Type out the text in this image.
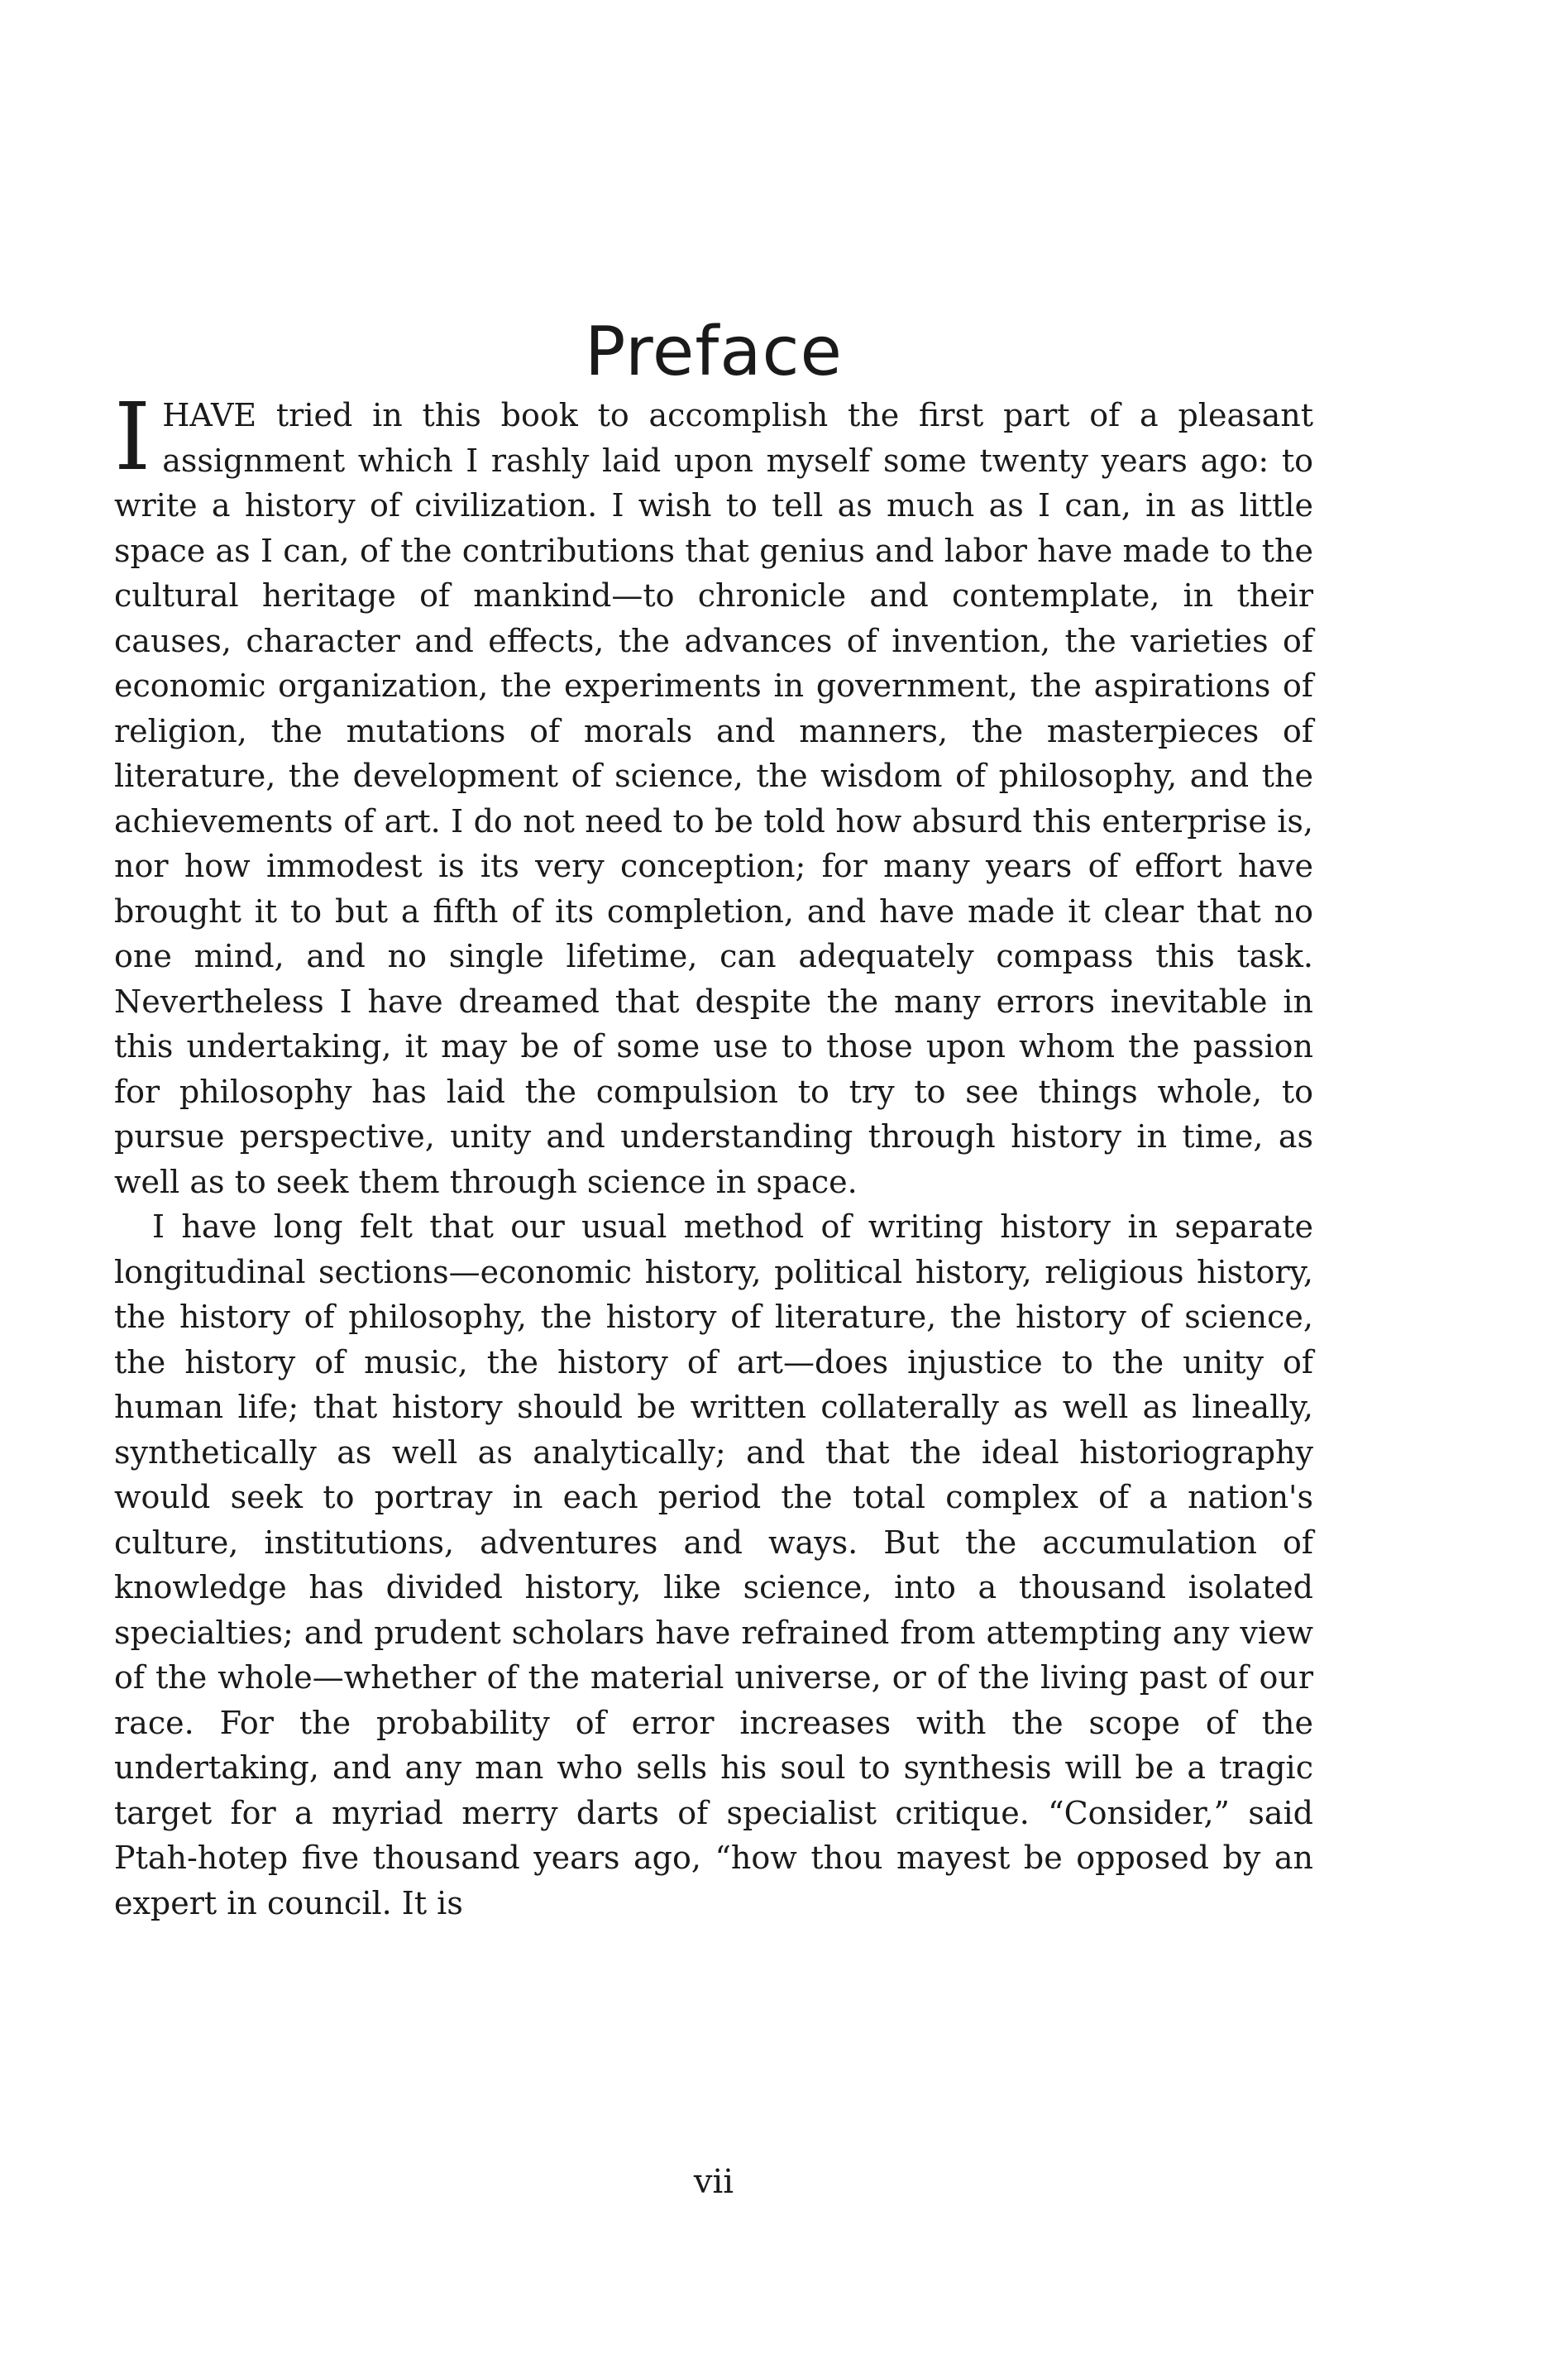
Preface

I HAVE tried in this book to accomplish the first part of a pleasant assignment which I rashly laid upon myself some twenty years ago: to write a history of civilization. I wish to tell as much as I can, in as little space as I can, of the contributions that genius and labor have made to the cultural heritage of mankind—to chronicle and contemplate, in their causes, character and effects, the advances of invention, the varieties of economic organization, the experiments in government, the aspirations of religion, the mutations of morals and manners, the masterpieces of literature, the development of science, the wisdom of philosophy, and the achievements of art. I do not need to be told how absurd this enterprise is, nor how immodest is its very conception; for many years of effort have brought it to but a fifth of its completion, and have made it clear that no one mind, and no single lifetime, can adequately compass this task. Nevertheless I have dreamed that despite the many errors inevitable in this undertaking, it may be of some use to those upon whom the passion for philosophy has laid the compulsion to try to see things whole, to pursue perspective, unity and understanding through history in time, as well as to seek them through science in space.

I have long felt that our usual method of writing history in separate longitudinal sections—economic history, political history, religious history, the history of philosophy, the history of literature, the history of science, the history of music, the history of art—does injustice to the unity of human life; that history should be written collaterally as well as lineally, synthetically as well as analytically; and that the ideal historiography would seek to portray in each period the total complex of a nation's culture, institutions, adventures and ways. But the accumulation of knowledge has divided history, like science, into a thousand isolated specialties; and prudent scholars have refrained from attempting any view of the whole—whether of the material universe, or of the living past of our race. For the probability of error increases with the scope of the undertaking, and any man who sells his soul to synthesis will be a tragic target for a myriad merry darts of specialist critique. “Consider,” said Ptah-hotep five thousand years ago, “how thou mayest be opposed by an expert in council. It is

vii
